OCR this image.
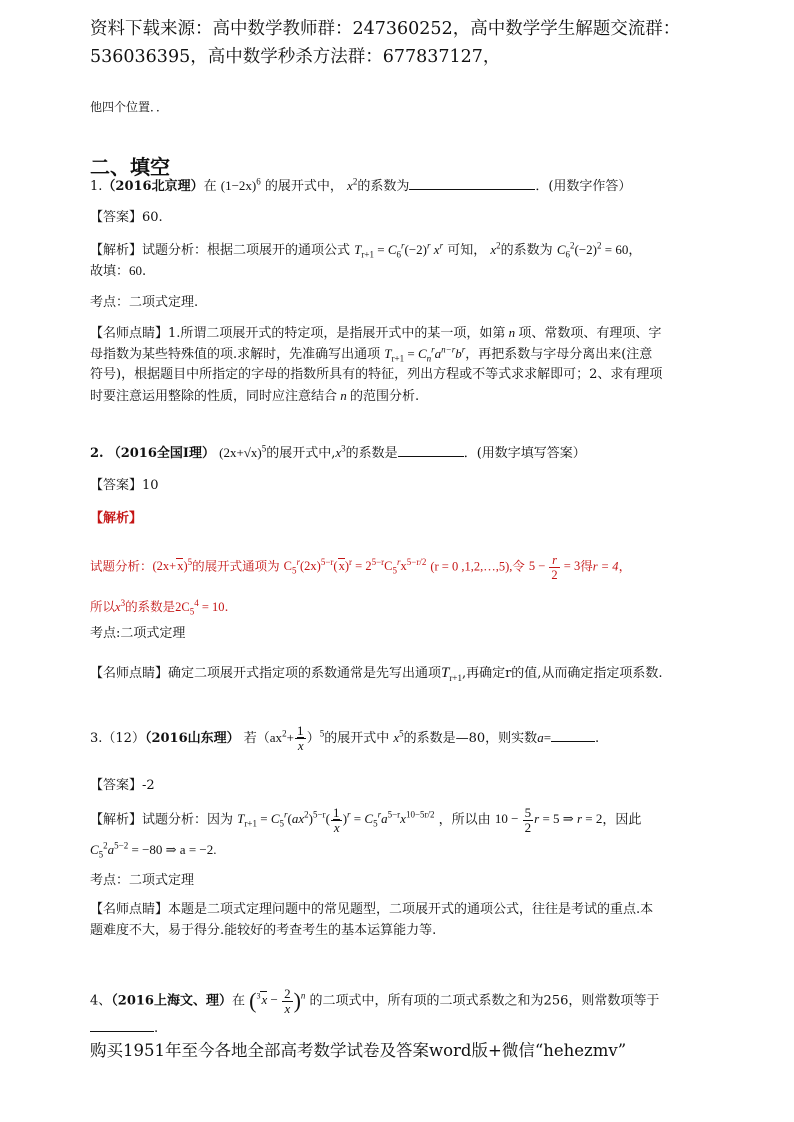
资料下载来源：高中数学教师群：247360252，高中数学学生解题交流群：
536036395，高中数学秒杀方法群：677837127，
他四个位置．．
二、填空
1.（2016北京理）在 $(1-2x)^6$ 的展开式中， $x^2$的系数为	．(用数字作答）
【答案】60.
【解析】试题分析：根据二项展开的通项公式 $T_{r+1} = C_6^r(-2)^r$ $x^r$ 可知， $x^2$的系数为 $C_6^2(-2)^2 = 60$，
故填：60.
考点：二项式定理.
【名师点睛】1.所谓二项展开式的特定项，是指展开式中的某一项，如第 n 项、常数项、有理项、字
母指数为某些特殊值的项.求解时，先准确写出通项 $T_{r+1} = C_n^ra^{n-r}b^r$，再把系数与字母分离出来(注意
符号)，根据题目中所指定的字母的指数所具有的特征，列出方程或不等式求求解即可；2、求有理项
时要注意运用整除的性质，同时应注意结合 n 的范围分析.
2. （2016全国Ⅰ理） $(2x+√x)^5$的展开式中$,x^3$的系数是	．(用数字填写答案）
【答案】10
【解析】
试题分析：$(2x+x)^5$的展开式通项为 $C_5^r(2x)^{5-r}(x)^r = 2^{5-r}C_5^rx^{5-r/2}$ (r = 0 ,1,2,…,5),令 $5 - \frac{r}{2} = 3$得r = 4，
所以$x^3$的系数是$2C_5^4 = 10$.
考点:二项式定理
【名师点睛】确定二项展开式指定项的系数通常是先写出通项$T_{r+1}$,再确定r的值,从而确定指定项系数.
3.（12）（2016山东理） 若$(ax^2+ \frac{1}{x} )^5$的展开式中 $x^5$的系数是—80，则实数a=	.
【答案】-2
【解析】试题分析：因为 $T_{r+1} = C_5^r(ax^2)^{5-r}( \frac{1}{x} )^r = C_5^ra^{5-r}x^{10-5r/2}$ ，所以由 $10 - \frac{5}{2}$ r = 5 ⇒ r = 2，因此
$C_5^2a^{5-2} = -80$ ⇒ a = −2.
考点：二项式定理
【名师点睛】本题是二项式定理问题中的常见题型，二项展开式的通项公式，往往是考试的重点.本
题难度不大，易于得分.能较好的考查考生的基本运算能力等.
4、（2016上海文、理）在 $(^3x - \frac{2}{x} )^n$ 的二项式中，所有项的二项式系数之和为256，则常数项等于
.
购买1951年至今各地全部高考数学试卷及答案word版+微信“hehezmv”
